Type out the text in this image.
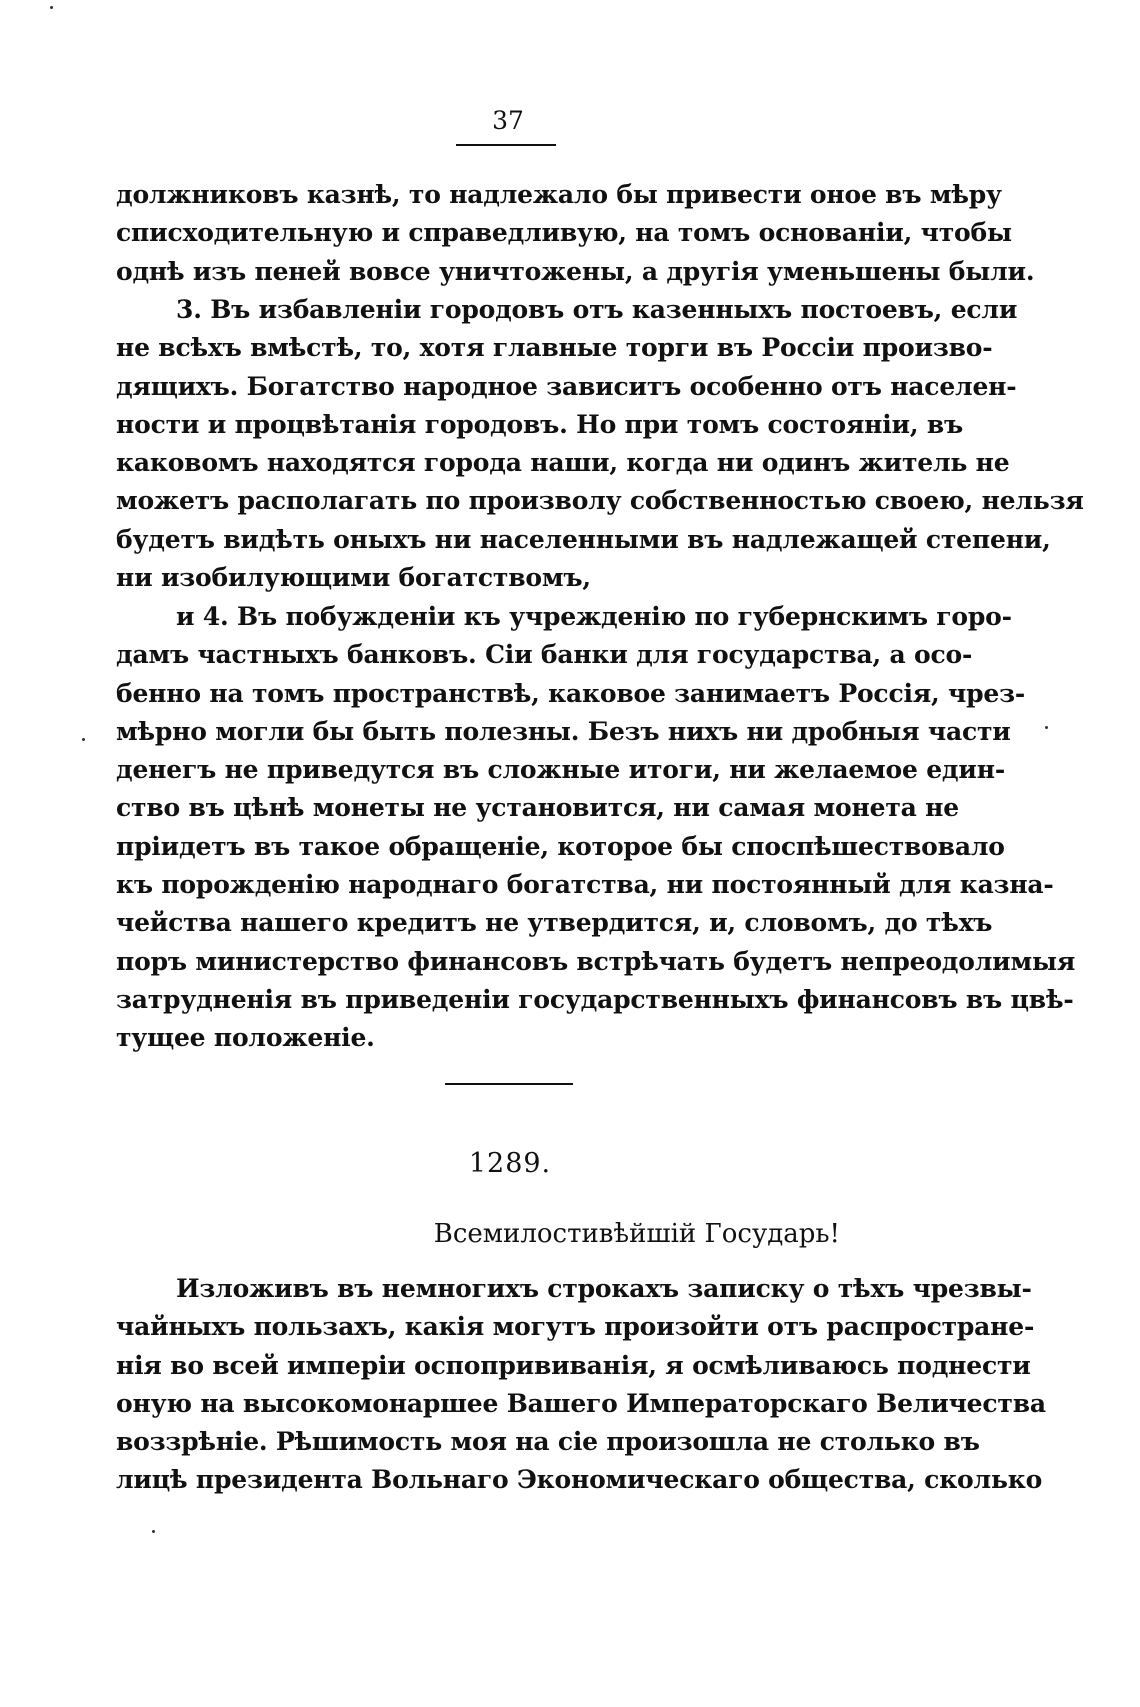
37
должниковъ казнѣ, то надлежало бы привести оное въ мѣру
списходительную и справедливую, на томъ основаніи, чтобы
однѣ изъ пеней вовсе уничтожены, а другія уменьшены были.
3. Въ избавленіи городовъ отъ казенныхъ постоевъ, если
не всѣхъ вмѣстѣ, то, хотя главные торги въ Россіи произво-
дящихъ. Богатство народное зависитъ особенно отъ населен-
ности и процвѣтанія городовъ. Но при томъ состояніи, въ
каковомъ находятся города наши, когда ни одинъ житель не
можетъ располагать по произволу собственностью своею, нельзя
будетъ видѣть оныхъ ни населенными въ надлежащей степени,
ни изобилующими богатствомъ,
и 4. Въ побужденіи къ учрежденію по губернскимъ горо-
дамъ частныхъ банковъ. Сіи банки для государства, а осо-
бенно на томъ пространствѣ, каковое занимаетъ Россія, чрез-
мѣрно могли бы быть полезны. Безъ нихъ ни дробныя части
денегъ не приведутся въ сложные итоги, ни желаемое един-
ство въ цѣнѣ монеты не установится, ни самая монета не
пріидетъ въ такое обращеніе, которое бы споспѣшествовало
къ порожденію народнаго богатства, ни постоянный для казна-
чейства нашего кредитъ не утвердится, и, словомъ, до тѣхъ
поръ министерство финансовъ встрѣчать будетъ непреодолимыя
затрудненія въ приведеніи государственныхъ финансовъ въ цвѣ-
тущее положеніе.
1289.
Всемилостивѣйшій Государь!
Изложивъ въ немногихъ строкахъ записку о тѣхъ чрезвы-
чайныхъ пользахъ, какія могутъ произойти отъ распростране-
нія во всей имперіи оспопрививанія, я осмѣливаюсь поднести
оную на высокомонаршее Вашего Императорскаго Величества
воззрѣніе. Рѣшимость моя на сіе произошла не столько въ
лицѣ президента Вольнаго Экономическаго общества, сколько
